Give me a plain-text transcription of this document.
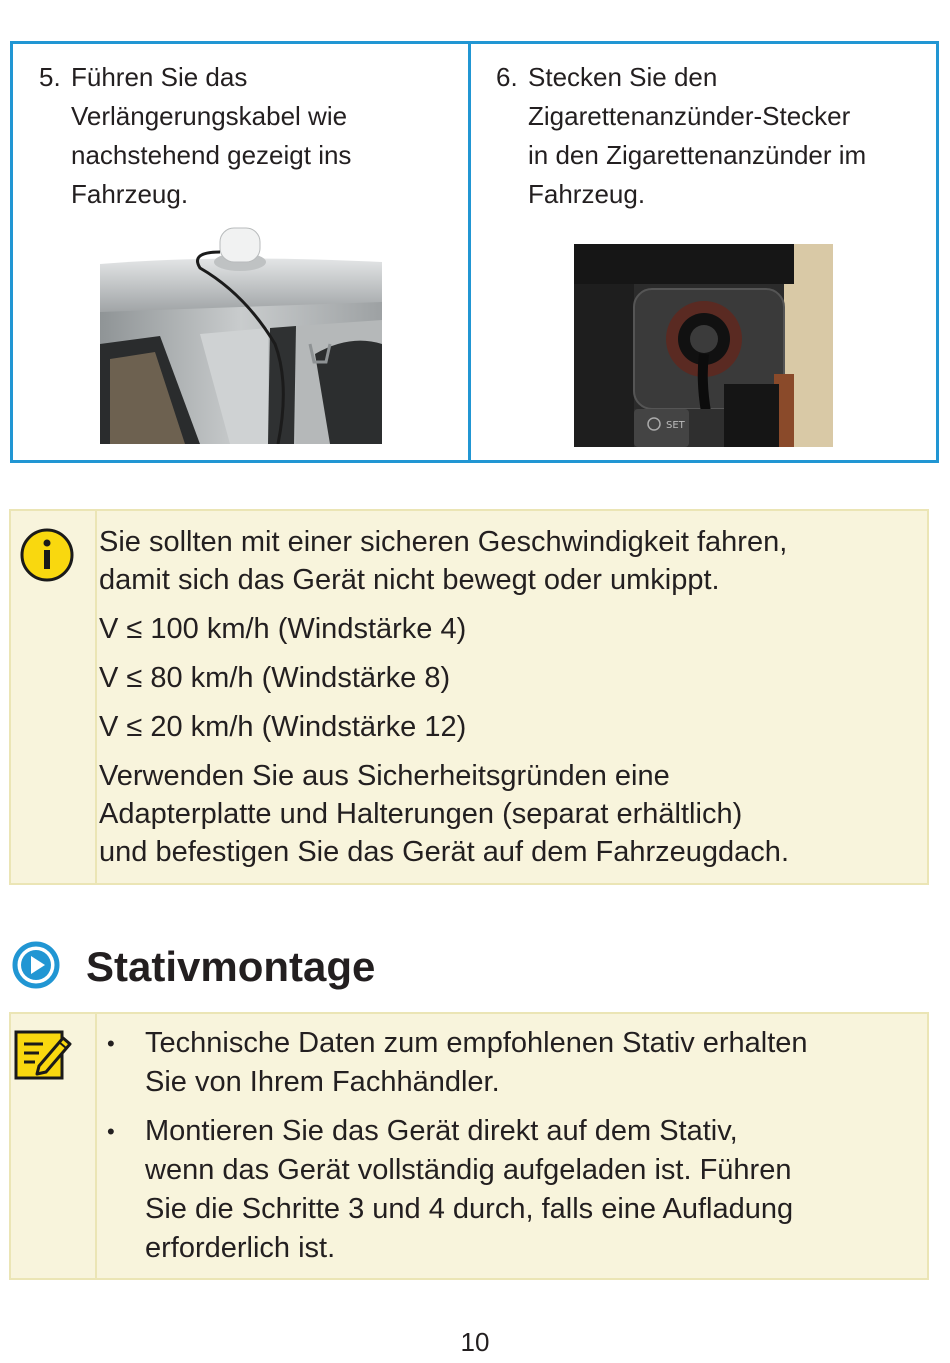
5. Führen Sie das
Verlängerungskabel wie
nachstehend gezeigt ins
Fahrzeug.
6. Stecken Sie den
Zigarettenanzünder-Stecker
in den Zigarettenanzünder im
Fahrzeug.
SET
Sie sollten mit einer sicheren Geschwindigkeit fahren,
damit sich das Gerät nicht bewegt oder umkippt.
V ≤ 100 km/h (Windstärke 4)
V ≤ 80 km/h (Windstärke 8)
V ≤ 20 km/h (Windstärke 12)
Verwenden Sie aus Sicherheitsgründen eine
Adapterplatte und Halterungen (separat erhältlich)
und befestigen Sie das Gerät auf dem Fahrzeugdach.
Stativmontage
•	Technische Daten zum empfohlenen Stativ erhalten
Sie von Ihrem Fachhändler.
•	Montieren Sie das Gerät direkt auf dem Stativ,
wenn das Gerät vollständig aufgeladen ist. Führen
Sie die Schritte 3 und 4 durch, falls eine Aufladung
erforderlich ist.
10
